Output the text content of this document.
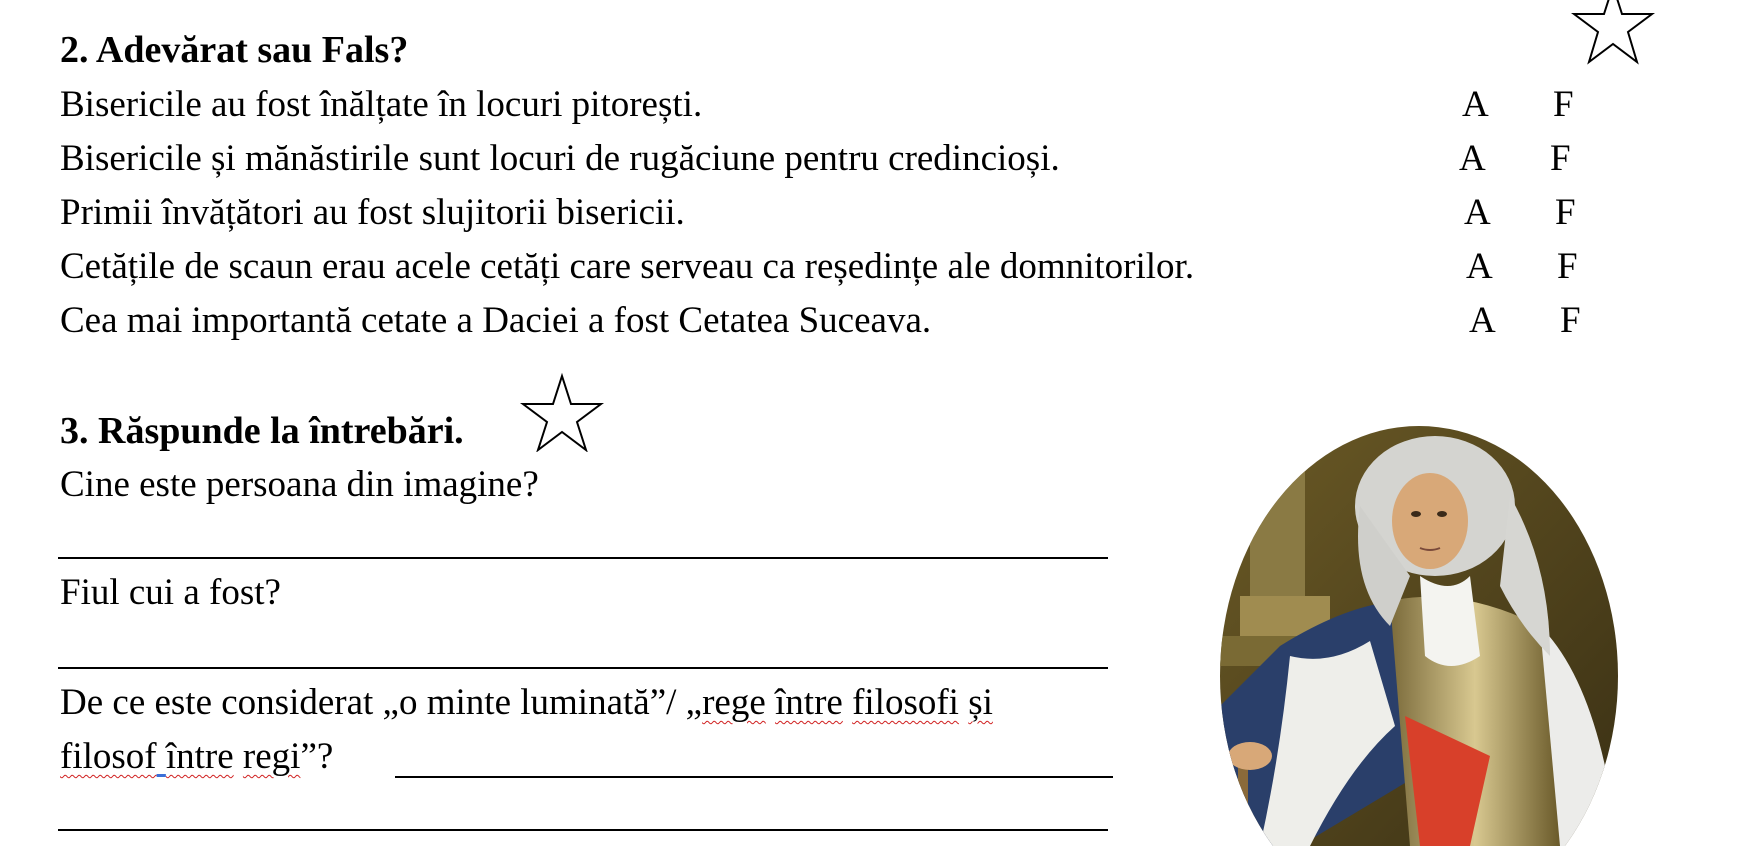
2. Adevărat sau Fals?
Bisericile au fost înălțate în locuri pitorești.	A F
Bisericile și mănăstirile sunt locuri de rugăciune pentru credincioși.	A F
Primii învățători au fost slujitorii bisericii.	A F
Cetățile de scaun erau acele cetăți care serveau ca reședințe ale domnitorilor.	A F
Cea mai importantă cetate a Daciei a fost Cetatea Suceava.	A F
3. Răspunde la întrebări.
Cine este persoana din imagine?
Fiul cui a fost?
De ce este considerat „o minte luminată”/ „rege între filosofi și
filosof între regi”?
